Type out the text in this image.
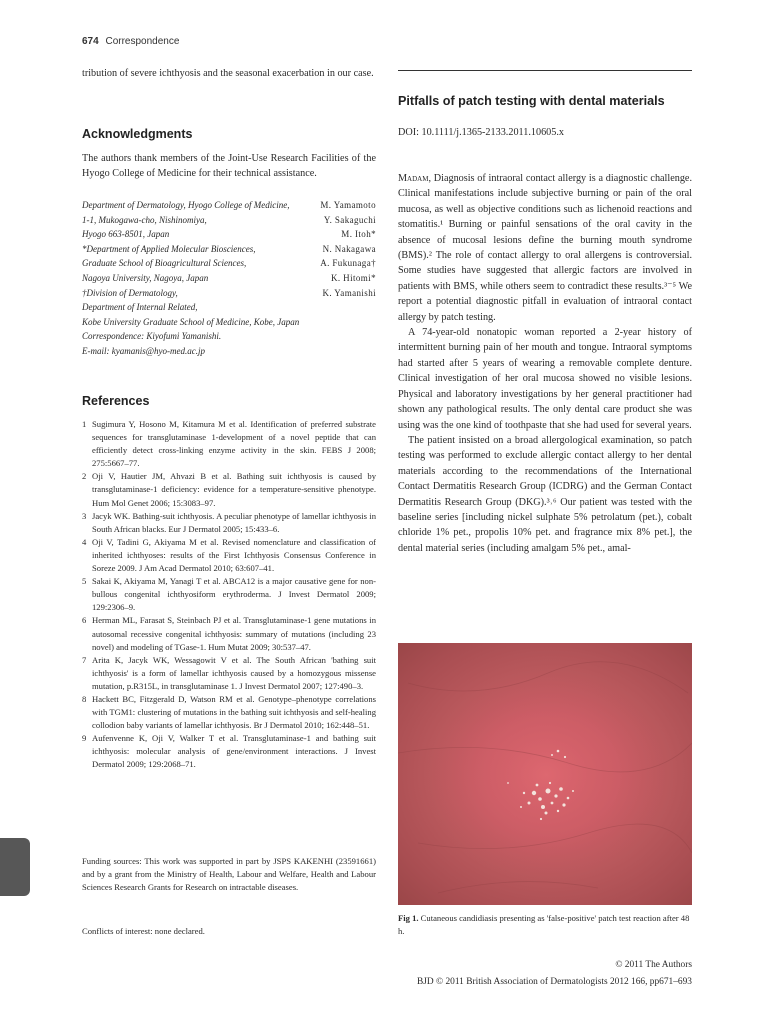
674 Correspondence

tribution of severe ichthyosis and the seasonal exacerbation in our case.

Acknowledgments

The authors thank members of the Joint-Use Research Facilities of the Hyogo College of Medicine for their technical assistance.

Department of Dermatology, Hyogo College of Medicine,	M. Yamamoto
1-1, Mukogawa-cho, Nishinomiya,	Y. Sakaguchi
Hyogo 663-8501, Japan	M. Itoh*
*Department of Applied Molecular Biosciences,	N. Nakagawa
Graduate School of Bioagricultural Sciences,	A. Fukunaga†
Nagoya University, Nagoya, Japan	K. Hitomi*
†Division of Dermatology,	K. Yamanishi
Department of Internal Related,
Kobe University Graduate School of Medicine, Kobe, Japan
Correspondence: Kiyofumi Yamanishi.
E-mail: kyamanis@hyo-med.ac.jp
References
1 Sugimura Y, Hosono M, Kitamura M et al. Identification of preferred substrate sequences for transglutaminase 1-development of a novel peptide that can efficiently detect cross-linking enzyme activity in the skin. FEBS J 2008; 275:5667–77.
2 Oji V, Hautier JM, Ahvazi B et al. Bathing suit ichthyosis is caused by transglutaminase-1 deficiency: evidence for a temperature-sensitive phenotype. Hum Mol Genet 2006; 15:3083–97.
3 Jacyk WK. Bathing-suit ichthyosis. A peculiar phenotype of lamellar ichthyosis in South African blacks. Eur J Dermatol 2005; 15:433–6.
4 Oji V, Tadini G, Akiyama M et al. Revised nomenclature and classification of inherited ichthyoses: results of the First Ichthyosis Consensus Conference in Soreze 2009. J Am Acad Dermatol 2010; 63:607–41.
5 Sakai K, Akiyama M, Yanagi T et al. ABCA12 is a major causative gene for non-bullous congenital ichthyosiform erythroderma. J Invest Dermatol 2009; 129:2306–9.
6 Herman ML, Farasat S, Steinbach PJ et al. Transglutaminase-1 gene mutations in autosomal recessive congenital ichthyosis: summary of mutations (including 23 novel) and modeling of TGase-1. Hum Mutat 2009; 30:537–47.
7 Arita K, Jacyk WK, Wessagowit V et al. The South African 'bathing suit ichthyosis' is a form of lamellar ichthyosis caused by a homozygous missense mutation, p.R315L, in transglutaminase 1. J Invest Dermatol 2007; 127:490–3.
8 Hackett BC, Fitzgerald D, Watson RM et al. Genotype–phenotype correlations with TGM1: clustering of mutations in the bathing suit ichthyosis and self-healing collodion baby variants of lamellar ichthyosis. Br J Dermatol 2010; 162:448–51.
9 Aufenvenne K, Oji V, Walker T et al. Transglutaminase-1 and bathing suit ichthyosis: molecular analysis of gene/environment interactions. J Invest Dermatol 2009; 129:2068–71.

Funding sources: This work was supported in part by JSPS KAKENHI (23591661) and by a grant from the Ministry of Health, Labour and Welfare, Health and Labour Sciences Research Grants for Research on intractable diseases.

Conflicts of interest: none declared.

Pitfalls of patch testing with dental materials
DOI: 10.1111/j.1365-2133.2011.10605.x

Madam, Diagnosis of intraoral contact allergy is a diagnostic challenge. Clinical manifestations include subjective burning or pain of the oral mucosa, as well as objective conditions such as lichenoid reactions and stomatitis.¹ Burning or painful sensations of the oral cavity in the absence of mucosal lesions define the burning mouth syndrome (BMS).² The role of contact allergy to oral allergens is controversial. Some studies have suggested that allergic factors are involved in patients with BMS, while others seem to contradict these results.³⁻⁵ We report a potential diagnostic pitfall in evaluation of intraoral contact allergy by patch testing.

A 74-year-old nonatopic woman reported a 2-year history of intermittent burning pain of her mouth and tongue. Intraoral symptoms had started after 5 years of wearing a removable complete denture. Clinical investigation of her oral mucosa showed no visible lesions. Physical and laboratory investigations by her general practitioner had shown any pathological results. The only dental care product she was using was the one kind of toothpaste that she had used for several years.

The patient insisted on a broad allergological examination, so patch testing was performed to exclude allergic contact allergy to her dental materials according to the recommendations of the International Contact Dermatitis Research Group (ICDRG) and the German Contact Dermatitis Research Group (DKG).³˒⁶ Our patient was tested with the baseline series [including nickel sulphate 5% petrolatum (pet.), cobalt chloride 1% pet., propolis 10% pet. and fragrance mix 8% pet.], the dental material series (including amalgam 5% pet., amal-

Fig 1. Cutaneous candidiasis presenting as 'false-positive' patch test reaction after 48 h.

© 2011 The Authors
BJD © 2011 British Association of Dermatologists 2012 166, pp671–693
